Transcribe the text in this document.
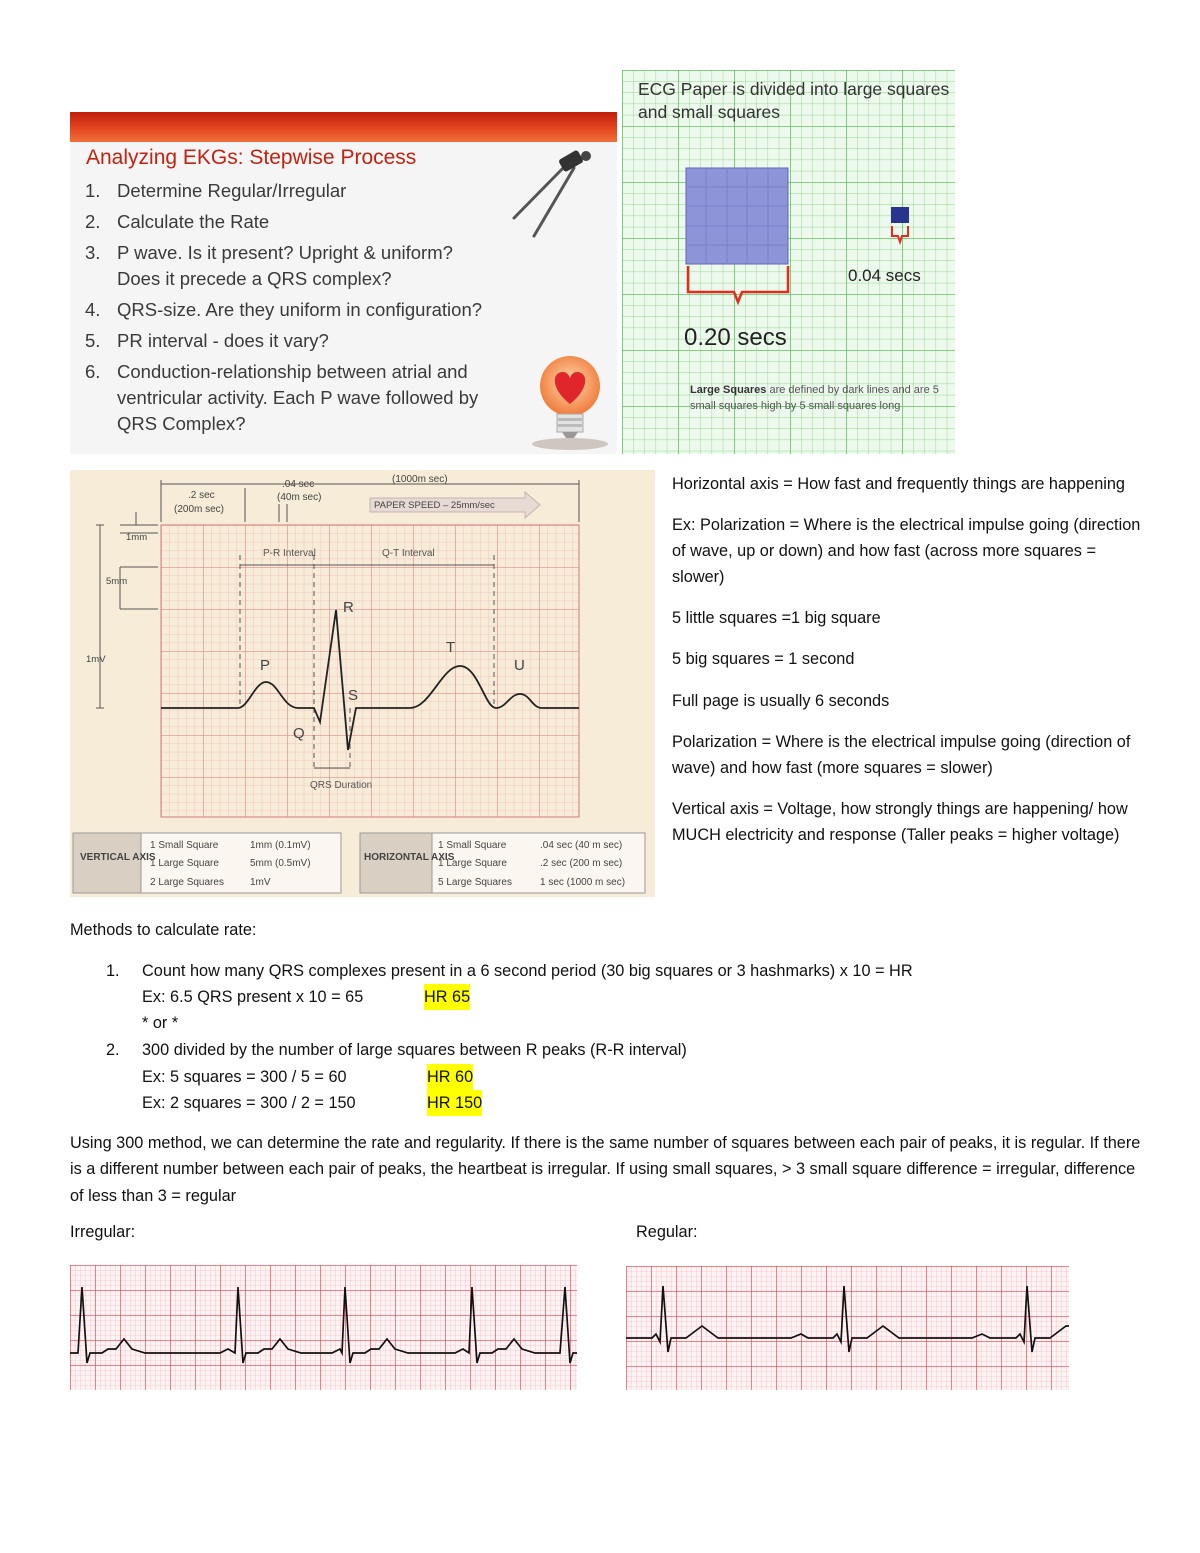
Analyzing EKGs: Stepwise Process
1. Determine Regular/Irregular
2. Calculate the Rate
3. P wave. Is it present? Upright & uniform?
Does it precede a QRS complex?
4. QRS-size. Are they uniform in configuration?
5. PR interval - does it vary?
6. Conduction-relationship between atrial and
ventricular activity. Each P wave followed by
QRS Complex?
ECG Paper is divided into large squares and small squares
0.04 secs
0.20 secs
Large Squares are defined by dark lines and are 5 small squares high by 5 small squares long
PAPER SPEED – 25mm/sec
(1000m sec)
.2 sec
(200m sec)
.04 sec
(40m sec)
1mm
5mm
1mV
P-R Interval	Q-T Interval
QRS Duration
P
Q
R
S
T
U
VERTICAL AXIS
1 Small Square	1mm (0.1mV)
1 Large Square	5mm (0.5mV)
2 Large Squares	1mV
HORIZONTAL AXIS
1 Small Square	.04 sec (40 m sec)
1 Large Square	.2 sec (200 m sec)
5 Large Squares	1 sec (1000 m sec)

Horizontal axis = How fast and frequently things are happening

Ex: Polarization = Where is the electrical impulse going (direction of wave, up or down) and how fast (across more squares = slower)

5 little squares =1 big square

5 big squares = 1 second

Full page is usually 6 seconds

Polarization = Where is the electrical impulse going (direction of wave) and how fast (more squares = slower)

Vertical axis = Voltage, how strongly things are happening/ how MUCH electricity and response (Taller peaks = higher voltage)

Methods to calculate rate:
1. Count how many QRS complexes present in a 6 second period (30 big squares or 3 hashmarks) x 10 = HR
Ex: 6.5 QRS present x 10 = 65	HR 65
* or *
2. 300 divided by the number of large squares between R peaks (R-R interval)
Ex: 5 squares = 300 / 5 = 60	HR 60
Ex: 2 squares = 300 / 2 = 150	HR 150

Using 300 method, we can determine the rate and regularity. If there is the same number of squares between each pair of peaks, it is regular. If there is a different number between each pair of peaks, the heartbeat is irregular. If using small squares, > 3 small square difference = irregular, difference of less than 3 = regular

Irregular:	Regular:
